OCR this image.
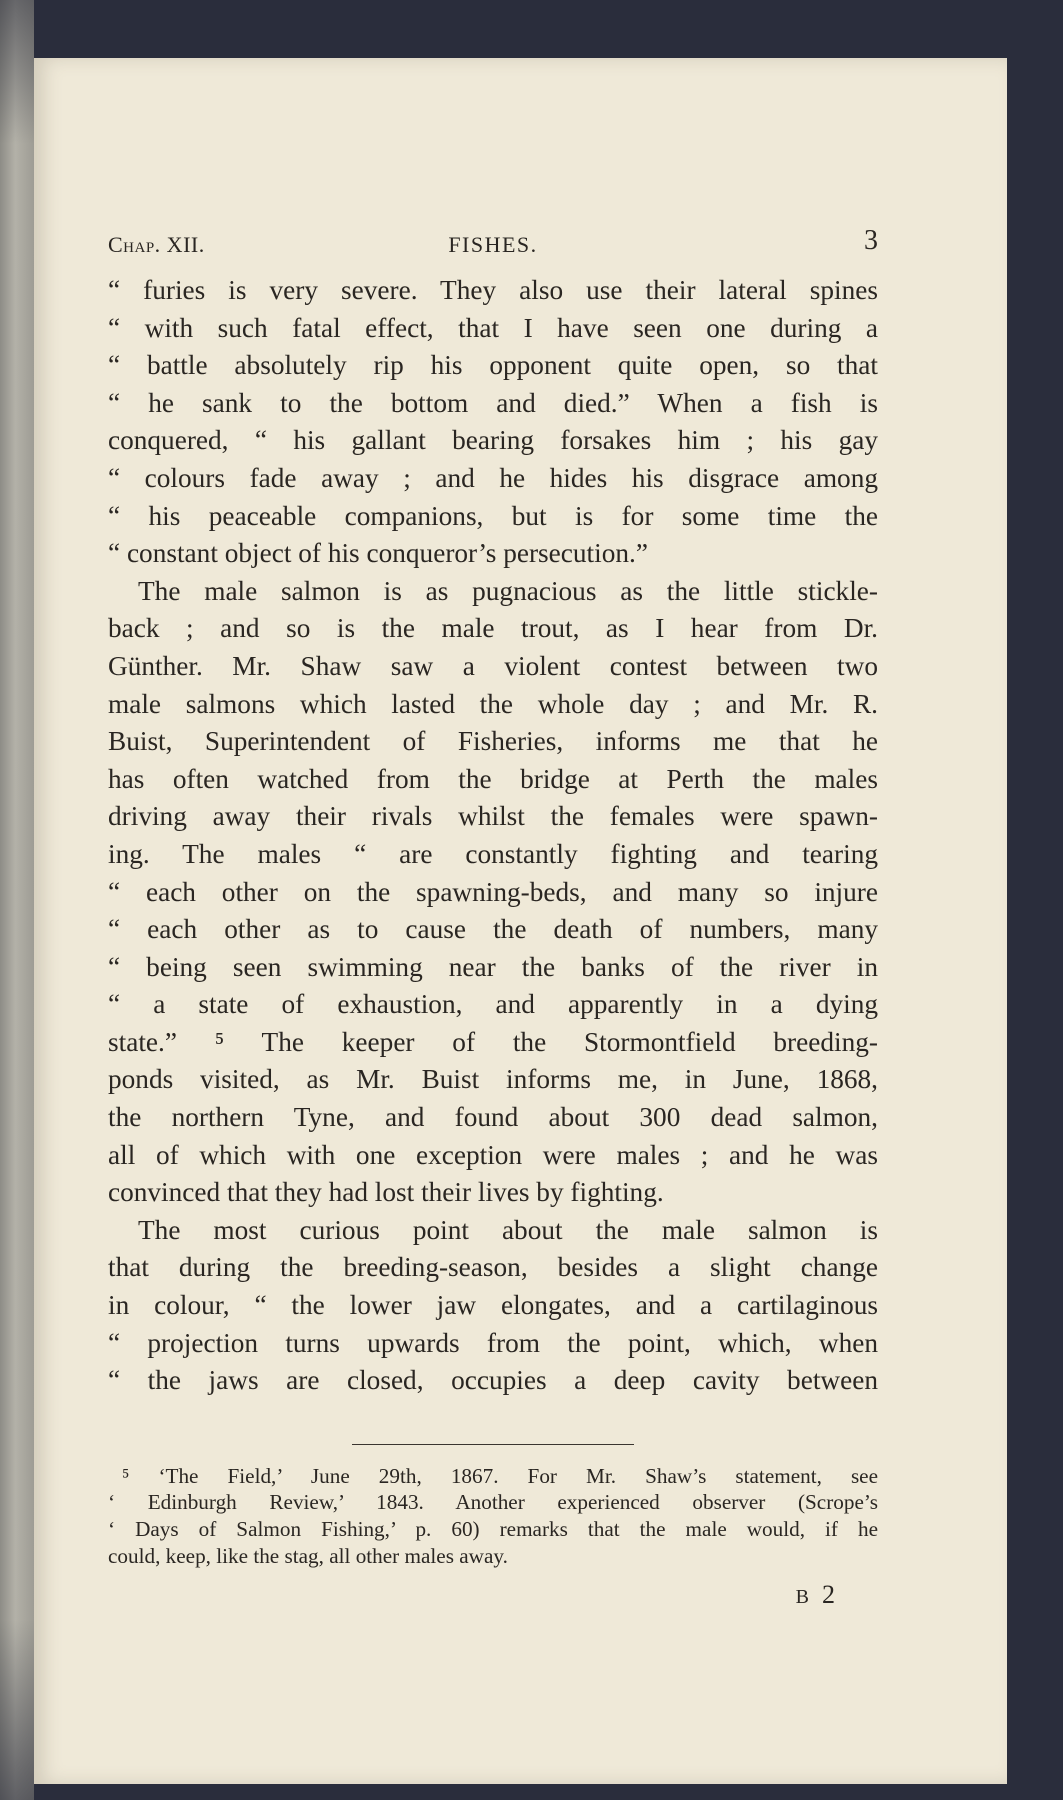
Chap. XII.	FISHES.	3
“ furies is very severe. They also use their lateral spines
“ with such fatal effect, that I have seen one during a
“ battle absolutely rip his opponent quite open, so that
“ he sank to the bottom and died.” When a fish is
conquered, “ his gallant bearing forsakes him ; his gay
“ colours fade away ; and he hides his disgrace among
“ his peaceable companions, but is for some time the
“ constant object of his conqueror’s persecution.”
The male salmon is as pugnacious as the little stickle-
back ; and so is the male trout, as I hear from Dr.
Günther. Mr. Shaw saw a violent contest between two
male salmons which lasted the whole day ; and Mr. R.
Buist, Superintendent of Fisheries, informs me that he
has often watched from the bridge at Perth the males
driving away their rivals whilst the females were spawn-
ing. The males “ are constantly fighting and tearing
“ each other on the spawning-beds, and many so injure
“ each other as to cause the death of numbers, many
“ being seen swimming near the banks of the river in
“ a state of exhaustion, and apparently in a dying
state.” ⁵ The keeper of the Stormontfield breeding-
ponds visited, as Mr. Buist informs me, in June, 1868,
the northern Tyne, and found about 300 dead salmon,
all of which with one exception were males ; and he was
convinced that they had lost their lives by fighting.
The most curious point about the male salmon is
that during the breeding-season, besides a slight change
in colour, “ the lower jaw elongates, and a cartilaginous
“ projection turns upwards from the point, which, when
“ the jaws are closed, occupies a deep cavity between
⁵ ‘The Field,’ June 29th, 1867. For Mr. Shaw’s statement, see
‘ Edinburgh Review,’ 1843. Another experienced observer (Scrope’s
‘ Days of Salmon Fishing,’ p. 60) remarks that the male would, if he
could, keep, like the stag, all other males away.
B 2
